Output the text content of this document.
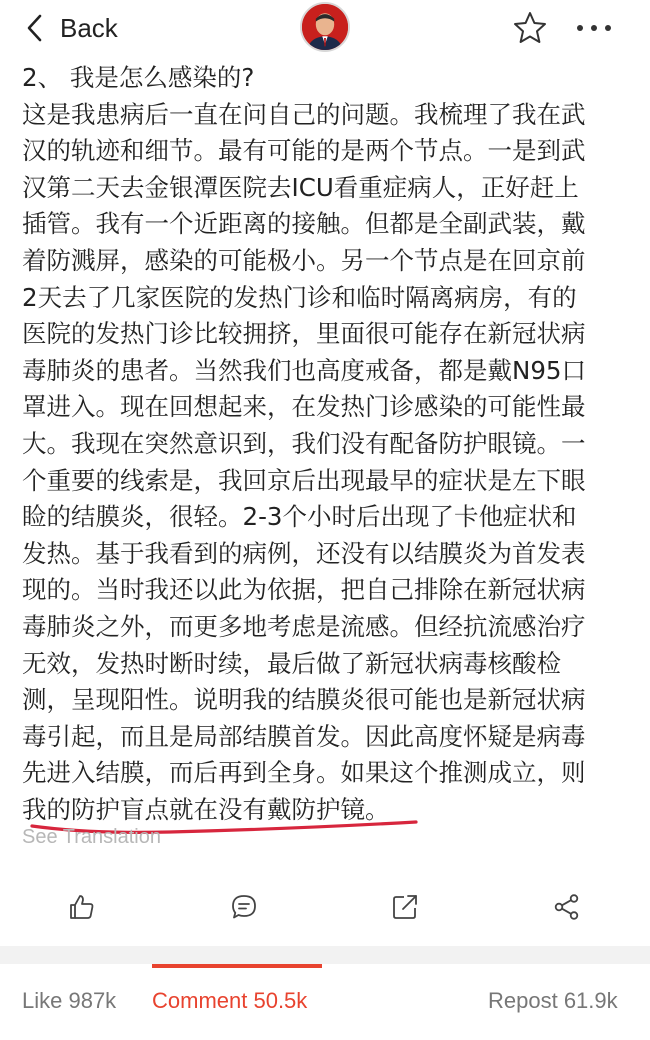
Back
2、 我是怎么感染的?
这是我患病后一直在问自己的问题。我梳理了我在武
汉的轨迹和细节。最有可能的是两个节点。一是到武
汉第二天去金银潭医院去ICU看重症病人，正好赶上
插管。我有一个近距离的接触。但都是全副武装，戴
着防溅屏，感染的可能极小。另一个节点是在回京前
2天去了几家医院的发热门诊和临时隔离病房，有的
医院的发热门诊比较拥挤，里面很可能存在新冠状病
毒肺炎的患者。当然我们也高度戒备，都是戴N95口
罩进入。现在回想起来，在发热门诊感染的可能性最
大。我现在突然意识到，我们没有配备防护眼镜。一
个重要的线索是，我回京后出现最早的症状是左下眼
睑的结膜炎，很轻。2-3个小时后出现了卡他症状和
发热。基于我看到的病例，还没有以结膜炎为首发表
现的。当时我还以此为依据，把自己排除在新冠状病
毒肺炎之外，而更多地考虑是流感。但经抗流感治疗
无效，发热时断时续，最后做了新冠状病毒核酸检
测，呈现阳性。说明我的结膜炎很可能也是新冠状病
毒引起，而且是局部结膜首发。因此高度怀疑是病毒
先进入结膜，而后再到全身。如果这个推测成立，则
我的防护盲点就在没有戴防护镜。
See Translation
Like 987k Comment 50.5k	Repost 61.9k
